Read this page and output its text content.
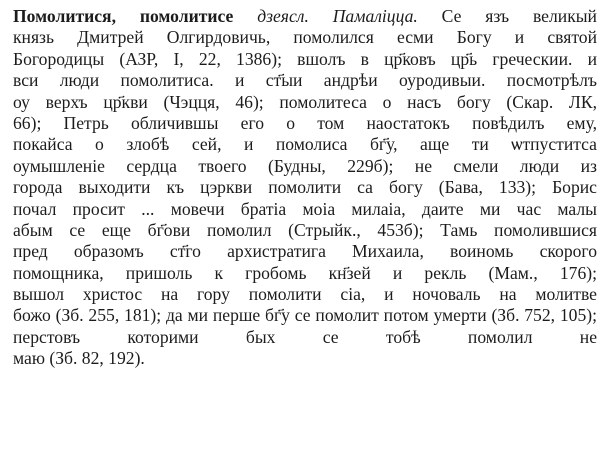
Помолитися, помолитисе дзеясл. Памаліцца. Се язъ великый
князь Дмитрей Олгирдовичь, помолился есми Богу и святой
Богородицы (АЗР, I, 22, 1386); вшолъ в цр҃ковъ цр҃ь греческии. и
вси люди помолитиса. и ст҃ыи андрѣи оуродивыи. посмотрѣлъ
оу верхъ цр҃кви (Чэцця, 46); помолитеса о насъ богу (Скар. ЛК,
66); Петрь обличившы его о том наостатокъ повѣдилъ ему,
покайса о злобѣ сей, и помолиса бг҃у, аще ти ѡтпуститса
оумышленіе сердца твоего (Будны, 229б); не смели люди из
города выходити къ цэркви помолити са богу (Бава, 133); Борис
почал просит ... мовечи братіа моіа милаіа, даите ми час малы
абым се еще бг҃ови помолил (Стрыйк., 453б); Тамь помолившися
пред образомъ ст҃го архистратига Михаила, воиномь скорого
помощника, пришоль к гробомь кн҃зей и рекль (Мам., 176);
вышол христос на гору помолити сіа, и ночоваль на молитве
божо (Зб. 255, 181); да ми перше бг҃у се помолит потом умерти (Зб. 752, 105); перстовъ которими бых се тобѣ помолил не
маю (Зб. 82, 192).
